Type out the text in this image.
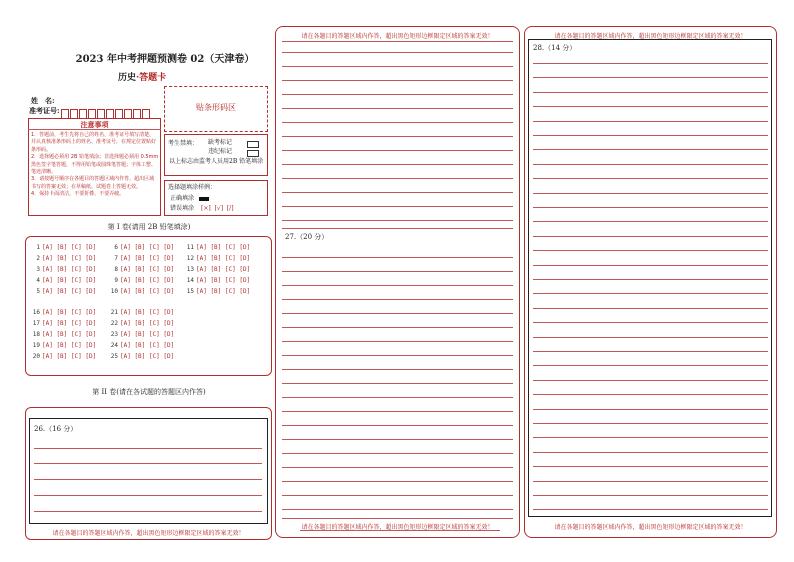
2023 年中考押题预测卷 02（天津卷）
历史·答题卡
姓　名:
准考证号:	贴条形码区
注意事项
1．答题前，考生先将自己的姓名，准考证号填写清楚，并认真核准条形码上的姓名、准考证号，在规定位置贴好条形码。
2．选择题必须用 2B 铅笔填涂；非选择题必须用 0.5mm 黑色签字笔答题，不得用铅笔或圆珠笔答题；字体工整、笔迹清晰。
3．请按题号顺序在各题目的答题区域内作答，超出区域书写的答案无效；在草稿纸、试题卷上答题无效。
4．保持卡面清洁，不要折叠、不要弄破。
考生禁填： 缺考标记
违纪标记
以上标志由监考人员用2B 铅笔填涂
选择题填涂样例：
正确填涂
错误填涂 [×]  [√]  [/]
第 I 卷(请用 2B 铅笔填涂)
1 [A] [B] [C] [D]
2 [A] [B] [C] [D]
3 [A] [B] [C] [D]
4 [A] [B] [C] [D]
5 [A] [B] [C] [D]
6 [A] [B] [C] [D]
7 [A] [B] [C] [D]
8 [A] [B] [C] [D]
9 [A] [B] [C] [D]
10 [A] [B] [C] [D]
11 [A] [B] [C] [D]
12 [A] [B] [C] [D]
13 [A] [B] [C] [D]
14 [A] [B] [C] [D]
15 [A] [B] [C] [D]
16 [A] [B] [C] [D]
17 [A] [B] [C] [D]
18 [A] [B] [C] [D]
19 [A] [B] [C] [D]
20 [A] [B] [C] [D]
21 [A] [B] [C] [D]
22 [A] [B] [C] [D]
23 [A] [B] [C] [D]
24 [A] [B] [C] [D]
25 [A] [B] [C] [D]
第 II 卷(请在各试题的答题区内作答)
26.（16 分）
请在各题目的答题区域内作答，超出黑色矩形边框限定区域的答案无效！
请在各题目的答题区域内作答，超出黑色矩形边框限定区域的答案无效！
27.（20 分）
请在各题目的答题区域内作答，超出黑色矩形边框限定区域的答案无效！
请在各题目的答题区域内作答，超出黑色矩形边框限定区域的答案无效！
28.（14 分）
请在各题目的答题区域内作答，超出黑色矩形边框限定区域的答案无效！
